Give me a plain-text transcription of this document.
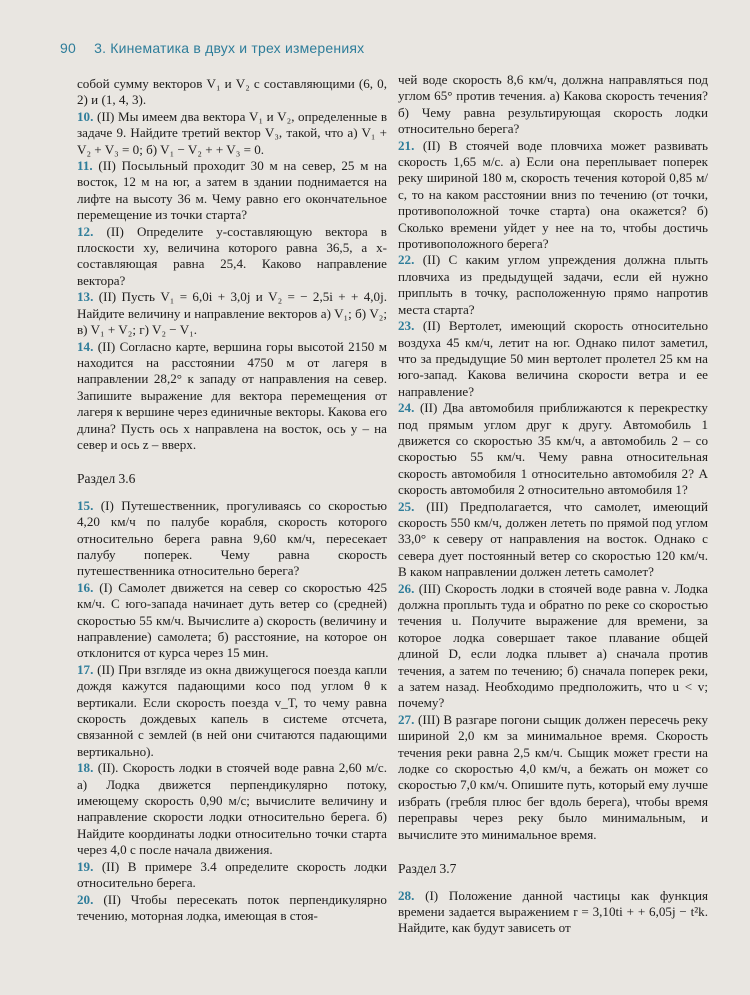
90 3. Кинематика в двух и трех измерениях

собой сумму векторов V₁ и V₂ с составляющими (6, 0, 2) и (1, 4, 3).

10. (II) Мы имеем два вектора V₁ и V₂, определенные в задаче 9. Найдите третий вектор V₃, такой, что а) V₁ + V₂ + V₃ = 0; б) V₁ − V₂ + + V₃ = 0.

11. (II) Посыльный проходит 30 м на север, 25 м на восток, 12 м на юг, а затем в здании поднимается на лифте на высоту 36 м. Чему равно его окончательное перемещение из точки старта?

12. (II) Определите y-составляющую вектора в плоскости xy, величина которого равна 36,5, а x-составляющая равна 25,4. Каково направление вектора?

13. (II) Пусть V₁ = 6,0i + 3,0j и V₂ = − 2,5i + + 4,0j. Найдите величину и направление векторов а) V₁; б) V₂; в) V₁ + V₂; г) V₂ − V₁.

14. (II) Согласно карте, вершина горы высотой 2150 м находится на расстоянии 4750 м от лагеря в направлении 28,2° к западу от направления на север. Запишите выражение для вектора перемещения от лагеря к вершине через единичные векторы. Какова его длина? Пусть ось x направлена на восток, ось y – на север и ось z – вверх.

Раздел 3.6

15. (I) Путешественник, прогуливаясь со скоростью 4,20 км/ч по палубе корабля, скорость которого относительно берега равна 9,60 км/ч, пересекает палубу поперек. Чему равна скорость путешественника относительно берега?

16. (I) Самолет движется на север со скоростью 425 км/ч. С юго-запада начинает дуть ветер со (средней) скоростью 55 км/ч. Вычислите а) скорость (величину и направление) самолета; б) расстояние, на которое он отклонится от курса через 15 мин.

17. (II) При взгляде из окна движущегося поезда капли дождя кажутся падающими косо под углом θ к вертикали. Если скорость поезда v_T, то чему равна скорость дождевых капель в системе отсчета, связанной с землей (в ней они считаются падающими вертикально).

18. (II). Скорость лодки в стоячей воде равна 2,60 м/с. а) Лодка движется перпендикулярно потоку, имеющему скорость 0,90 м/с; вычислите величину и направление скорости лодки относительно берега. б) Найдите координаты лодки относительно точки старта через 4,0 с после начала движения.

19. (II) В примере 3.4 определите скорость лодки относительно берега.

20. (II) Чтобы пересекать поток перпендикулярно течению, моторная лодка, имеющая в стоя-

чей воде скорость 8,6 км/ч, должна направляться под углом 65° против течения. а) Какова скорость течения? б) Чему равна результирующая скорость лодки относительно берега?

21. (II) В стоячей воде пловчиха может развивать скорость 1,65 м/с. а) Если она переплывает поперек реку шириной 180 м, скорость течения которой 0,85 м/с, то на каком расстоянии вниз по течению (от точки, противоположной точке старта) она окажется? б) Сколько времени уйдет у нее на то, чтобы достичь противоположного берега?

22. (II) С каким углом упреждения должна плыть пловчиха из предыдущей задачи, если ей нужно приплыть в точку, расположенную прямо напротив места старта?

23. (II) Вертолет, имеющий скорость относительно воздуха 45 км/ч, летит на юг. Однако пилот заметил, что за предыдущие 50 мин вертолет пролетел 25 км на юго-запад. Какова величина скорости ветра и ее направление?

24. (II) Два автомобиля приближаются к перекрестку под прямым углом друг к другу. Автомобиль 1 движется со скоростью 35 км/ч, а автомобиль 2 – со скоростью 55 км/ч. Чему равна относительная скорость автомобиля 1 относительно автомобиля 2? А скорость автомобиля 2 относительно автомобиля 1?

25. (III) Предполагается, что самолет, имеющий скорость 550 км/ч, должен лететь по прямой под углом 33,0° к северу от направления на восток. Однако с севера дует постоянный ветер со скоростью 120 км/ч. В каком направлении должен лететь самолет?

26. (III) Скорость лодки в стоячей воде равна v. Лодка должна проплыть туда и обратно по реке со скоростью течения u. Получите выражение для времени, за которое лодка совершает такое плавание общей длиной D, если лодка плывет а) сначала против течения, а затем по течению; б) сначала поперек реки, а затем назад. Необходимо предположить, что u < v; почему?

27. (III) В разгаре погони сыщик должен пересечь реку шириной 2,0 км за минимальное время. Скорость течения реки равна 2,5 км/ч. Сыщик может грести на лодке со скоростью 4,0 км/ч, а бежать он может со скоростью 7,0 км/ч. Опишите путь, который ему лучше избрать (гребля плюс бег вдоль берега), чтобы время переправы через реку было минимальным, и вычислите это минимальное время.

Раздел 3.7

28. (I) Положение данной частицы как функция времени задается выражением r = 3,10ti + + 6,05j − t²k. Найдите, как будут зависеть от
